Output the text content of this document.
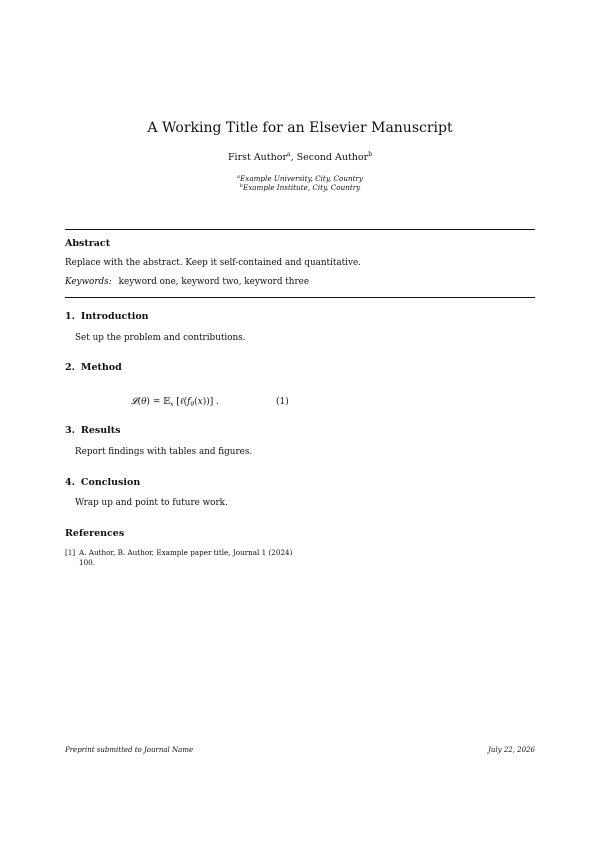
A Working Title for an Elsevier Manuscript
First Author$^a$, Second Author$^b$
$^a$Example University, City, Country
$^b$Example Institute, City, Country
Abstract
Replace with the abstract. Keep it self-contained and quantitative.
Keywords: keyword one, keyword two, keyword three
1. Introduction
Set up the problem and contributions.
2. Method
𝓛(θ) = 𝔼$_x$ $[\ell(f_\theta(x))]$ .	(1)
3. Results
Report findings with tables and figures.
4. Conclusion
Wrap up and point to future work.
References
[1] A. Author, B. Author, Example paper title, Journal 1 (2024) 100.
Preprint submitted to Journal Name	July 22, 2026
